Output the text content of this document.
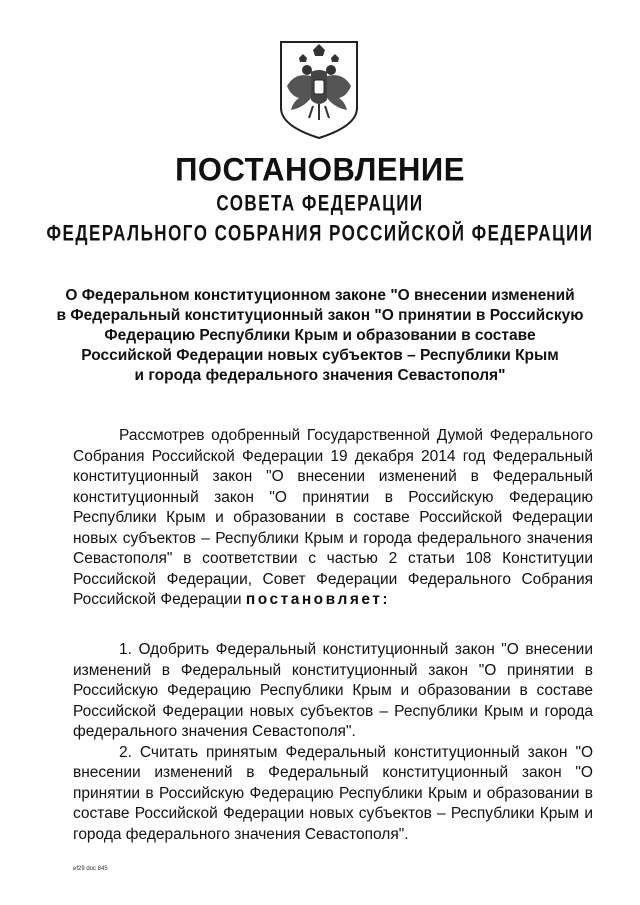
ПОСТАНОВЛЕНИЕ
СОВЕТА ФЕДЕРАЦИИ
ФЕДЕРАЛЬНОГО СОБРАНИЯ РОССИЙСКОЙ ФЕДЕРАЦИИ
О Федеральном конституционном законе "О внесении изменений
в Федеральный конституционный закон "О принятии в Российскую
Федерацию Республики Крым и образовании в составе
Российской Федерации новых субъектов – Республики Крым
и города федерального значения Севастополя"
Рассмотрев одобренный Государственной Думой Федерального Собрания Российской Федерации 19 декабря 2014 год Федеральный конституционный закон "О внесении изменений в Федеральный конституционный закон "О принятии в Российскую Федерацию Республики Крым и образовании в составе Российской Федерации новых субъектов – Республики Крым и города федерального значения Севастополя" в соответствии с частью 2 статьи 108 Конституции Российской Федерации, Совет Федерации Федерального Собрания Российской Федерации постановляет:
1. Одобрить Федеральный конституционный закон "О внесении изменений в Федеральный конституционный закон "О принятии в Российскую Федерацию Республики Крым и образовании в составе Российской Федерации новых субъектов – Республики Крым и города федерального значения Севастополя".
2. Считать принятым Федеральный конституционный закон "О внесении изменений в Федеральный конституционный закон "О принятии в Российскую Федерацию Республики Крым и образовании в составе Российской Федерации новых субъектов – Республики Крым и города федерального значения Севастополя".
ef29 doc 845
